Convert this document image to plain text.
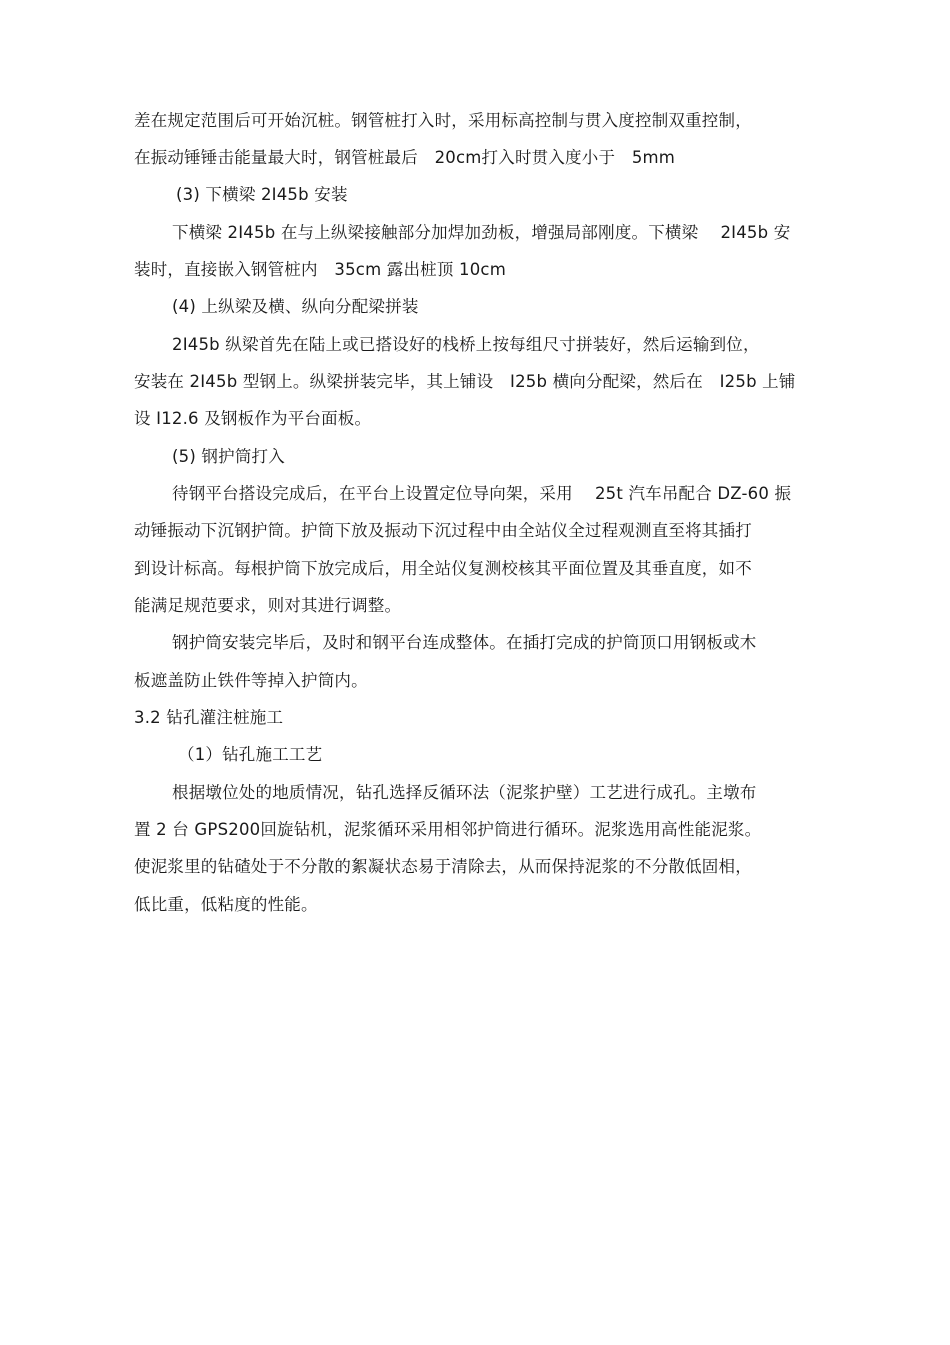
差在规定范围后可开始沉桩。钢管桩打入时，采用标高控制与贯入度控制双重控制，
在振动锤锤击能量最大时，钢管桩最后　20cm打入时贯入度小于　5mm
(3) 下横梁 2I45b 安装
下横梁 2I45b 在与上纵梁接触部分加焊加劲板，增强局部刚度。下横梁　 2I45b 安
装时，直接嵌入钢管桩内　35cm 露出桩顶 10cm
(4) 上纵梁及横、纵向分配梁拼装
2I45b 纵梁首先在陆上或已搭设好的栈桥上按每组尺寸拼装好，然后运输到位，
安装在 2I45b 型钢上。纵梁拼装完毕，其上铺设　I25b 横向分配梁，然后在　I25b 上铺
设 I12.6 及钢板作为平台面板。
(5) 钢护筒打入
待钢平台搭设完成后，在平台上设置定位导向架，采用　 25t 汽车吊配合 DZ-60 振
动锤振动下沉钢护筒。护筒下放及振动下沉过程中由全站仪全过程观测直至将其插打
到设计标高。每根护筒下放完成后，用全站仪复测校核其平面位置及其垂直度，如不
能满足规范要求，则对其进行调整。
钢护筒安装完毕后，及时和钢平台连成整体。在插打完成的护筒顶口用钢板或木
板遮盖防止铁件等掉入护筒内。
3.2 钻孔灌注桩施工
（1）钻孔施工工艺
根据墩位处的地质情况，钻孔选择反循环法（泥浆护壁）工艺进行成孔。主墩布
置 2 台 GPS200回旋钻机，泥浆循环采用相邻护筒进行循环。泥浆选用高性能泥浆。
使泥浆里的钻碴处于不分散的絮凝状态易于清除去，从而保持泥浆的不分散低固相，
低比重，低粘度的性能。
